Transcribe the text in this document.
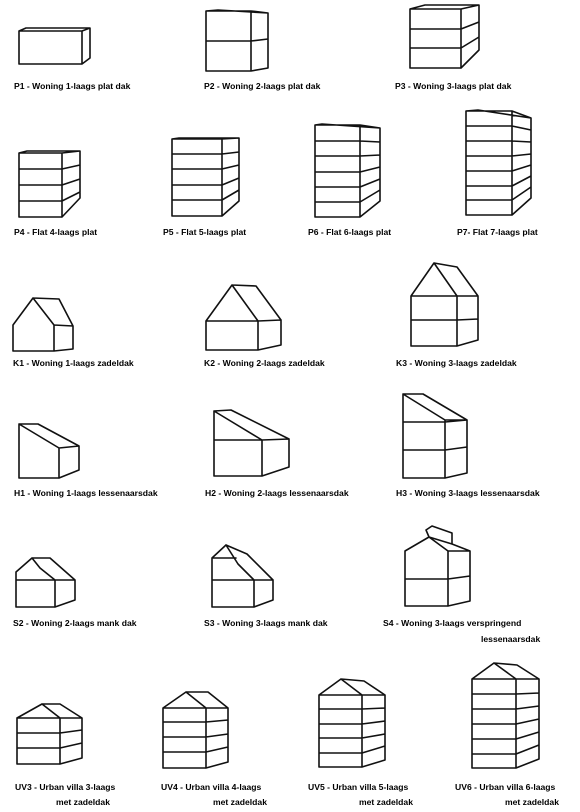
P1 - Woning 1-laags plat dak	P2 - Woning 2-laags plat dak	P3 - Woning 3-laags plat dak
P4 - Flat 4-laags plat	P5 - Flat 5-laags plat	P6 - Flat 6-laags plat	P7- Flat 7-laags plat
K1 - Woning 1-laags zadeldak	K2 - Woning 2-laags zadeldak	K3 - Woning 3-laags zadeldak
H1 - Woning 1-laags lessenaarsdak	H2 - Woning 2-laags lessenaarsdak	H3 - Woning 3-laags lessenaarsdak
S2 - Woning 2-laags mank dak	S3 - Woning 3-laags mank dak	S4 - Woning 3-laags verspringend
lessenaarsdak
UV3 - Urban villa 3-laags
met zadeldak
UV4 - Urban villa 4-laags
met zadeldak
UV5 - Urban villa 5-laags
met zadeldak
UV6 - Urban villa 6-laags
met zadeldak
